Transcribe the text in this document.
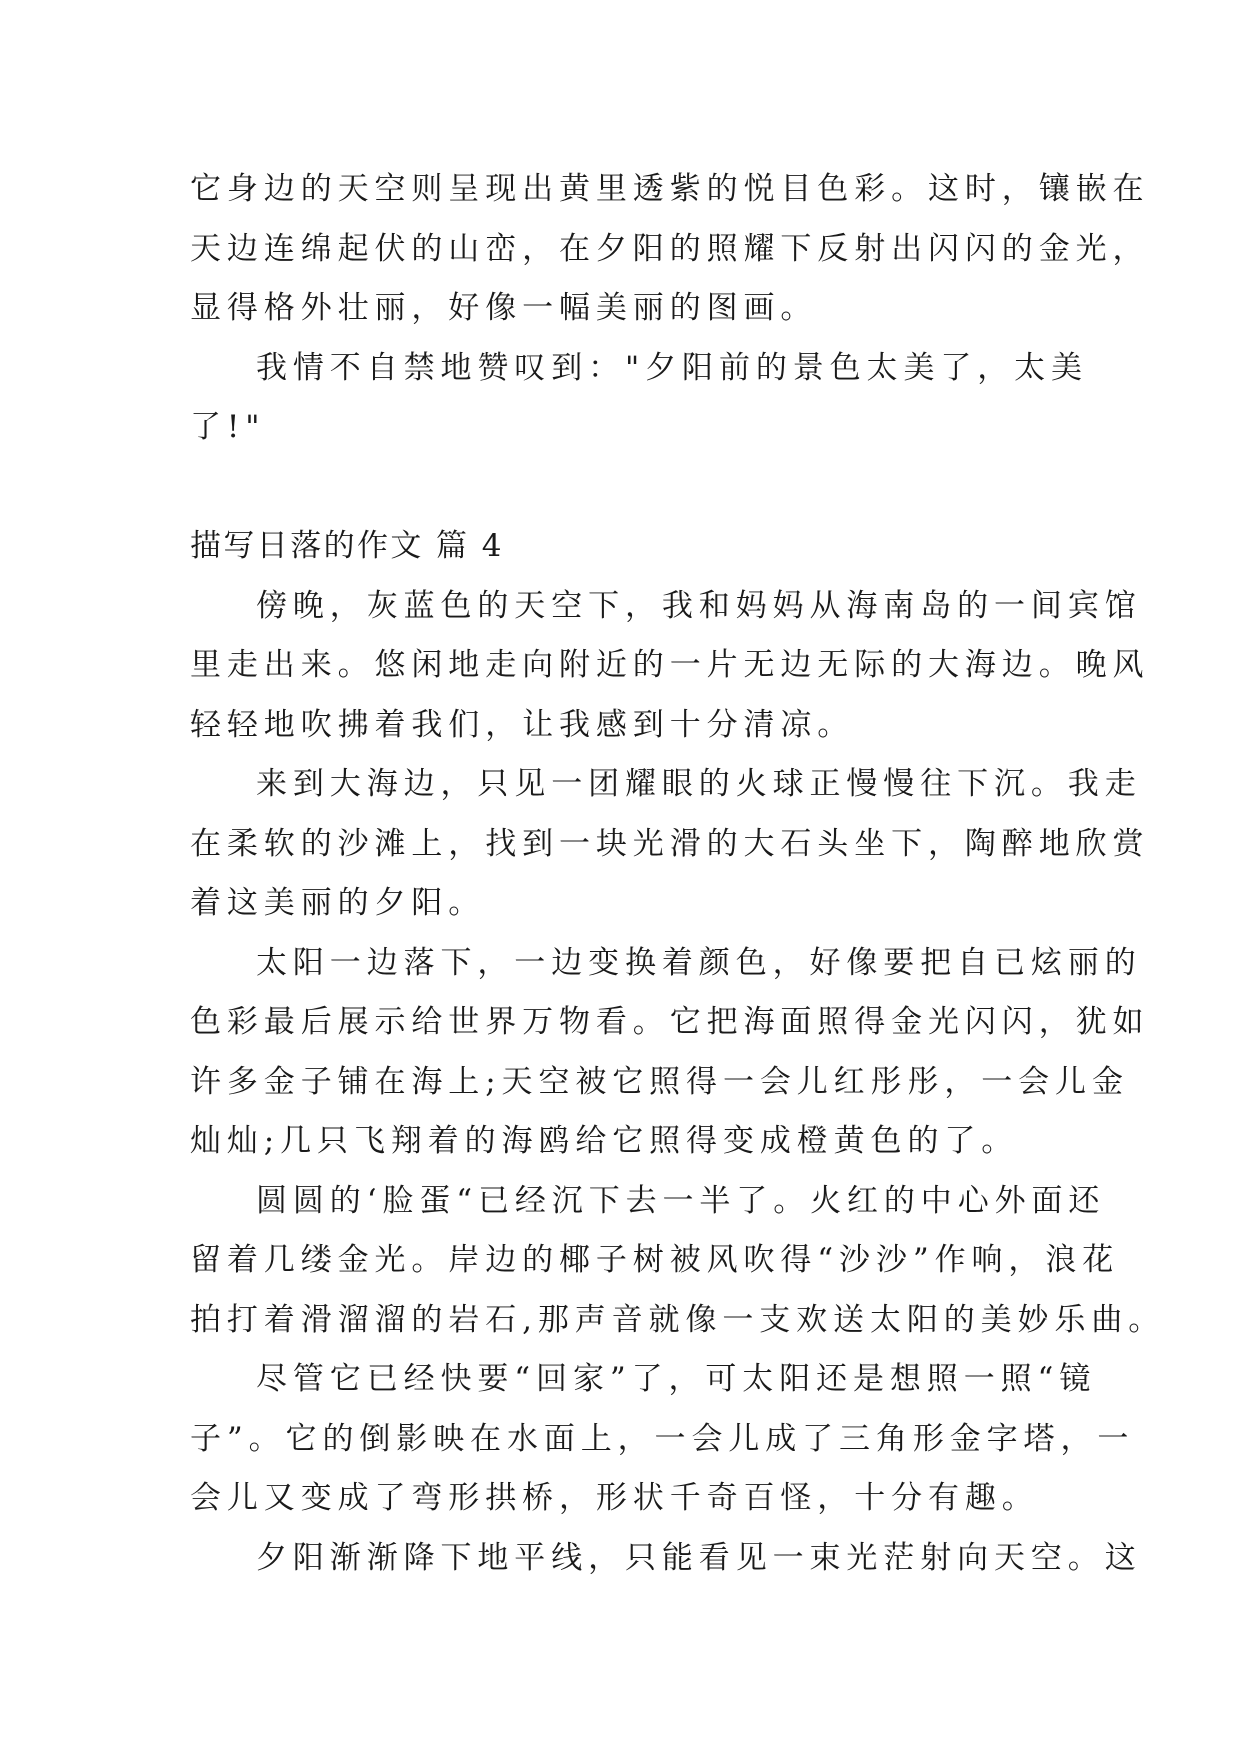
它身边的天空则呈现出黄里透紫的悦目色彩。这时，镶嵌在
天边连绵起伏的山峦，在夕阳的照耀下反射出闪闪的金光，
显得格外壮丽，好像一幅美丽的图画。
我情不自禁地赞叹到："夕阳前的景色太美了，太美
了!"
描写日落的作文 篇 4
傍晚，灰蓝色的天空下，我和妈妈从海南岛的一间宾馆
里走出来。悠闲地走向附近的一片无边无际的大海边。晚风
轻轻地吹拂着我们，让我感到十分清凉。
来到大海边，只见一团耀眼的火球正慢慢往下沉。我走
在柔软的沙滩上，找到一块光滑的大石头坐下，陶醉地欣赏
着这美丽的夕阳。
太阳一边落下，一边变换着颜色，好像要把自已炫丽的
色彩最后展示给世界万物看。它把海面照得金光闪闪，犹如
许多金子铺在海上;天空被它照得一会儿红彤彤，一会儿金
灿灿;几只飞翔着的海鸥给它照得变成橙黄色的了。
圆圆的‘脸蛋“已经沉下去一半了。火红的中心外面还
留着几缕金光。岸边的椰子树被风吹得“沙沙”作响，浪花
拍打着滑溜溜的岩石,那声音就像一支欢送太阳的美妙乐曲。
尽管它已经快要“回家”了，可太阳还是想照一照“镜
子”。它的倒影映在水面上，一会儿成了三角形金字塔，一
会儿又变成了弯形拱桥，形状千奇百怪，十分有趣。
夕阳渐渐降下地平线，只能看见一束光茫射向天空。这
